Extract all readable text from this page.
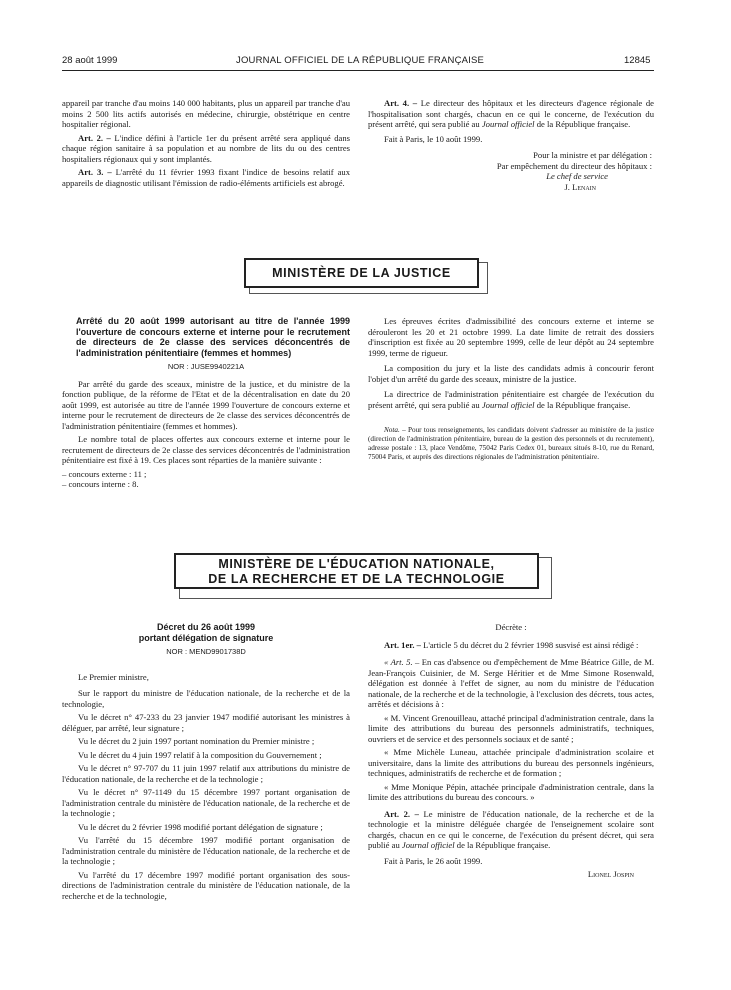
28 août 1999	JOURNAL OFFICIEL DE LA RÉPUBLIQUE FRANÇAISE	12845

appareil par tranche d'au moins 140 000 habitants, plus un appareil par tranche d'au moins 2 500 lits actifs autorisés en médecine, chirurgie, obstétrique en centre hospitalier régional.

Art. 2. – L'indice défini à l'article 1er du présent arrêté sera appliqué dans chaque région sanitaire à sa population et au nombre de lits du ou des centres hospitaliers régionaux qui y sont implantés.

Art. 3. – L'arrêté du 11 février 1993 fixant l'indice de besoins relatif aux appareils de diagnostic utilisant l'émission de radio-éléments artificiels est abrogé.

Art. 4. – Le directeur des hôpitaux et les directeurs d'agence régionale de l'hospitalisation sont chargés, chacun en ce qui le concerne, de l'exécution du présent arrêté, qui sera publié au Journal officiel de la République française.

Fait à Paris, le 10 août 1999.

Pour la ministre et par délégation :
Par empêchement du directeur des hôpitaux :
Le chef de service
J. Lenain
MINISTÈRE DE LA JUSTICE
Arrêté du 20 août 1999 autorisant au titre de l'année 1999 l'ouverture de concours externe et interne pour le recrutement de directeurs de 2e classe des services déconcentrés de l'administration pénitentiaire (femmes et hommes)
NOR : JUSE9940221A

Par arrêté du garde des sceaux, ministre de la justice, et du ministre de la fonction publique, de la réforme de l'Etat et de la décentralisation en date du 20 août 1999, est autorisée au titre de l'année 1999 l'ouverture de concours externe et interne pour le recrutement de directeurs de 2e classe des services déconcentrés de l'administration pénitentiaire (femmes et hommes).

Le nombre total de places offertes aux concours externe et interne pour le recrutement de directeurs de 2e classe des services déconcentrés de l'administration pénitentiaire est fixé à 19. Ces places sont réparties de la manière suivante :

– concours externe : 11 ;
– concours interne : 8.

Les épreuves écrites d'admissibilité des concours externe et interne se dérouleront les 20 et 21 octobre 1999. La date limite de retrait des dossiers d'inscription est fixée au 20 septembre 1999, celle de leur dépôt au 24 septembre 1999, terme de rigueur.

La composition du jury et la liste des candidats admis à concourir feront l'objet d'un arrêté du garde des sceaux, ministre de la justice.

La directrice de l'administration pénitentiaire est chargée de l'exécution du présent arrêté, qui sera publié au Journal officiel de la République française.

Nota. – Pour tous renseignements, les candidats doivent s'adresser au ministère de la justice (direction de l'administration pénitentiaire, bureau de la gestion des personnels et du recrutement), adresse postale : 13, place Vendôme, 75042 Paris Cedex 01, bureaux situés 8-10, rue du Renard, 75004 Paris, et auprès des directions régionales de l'administration pénitentiaire.

MINISTÈRE DE L'ÉDUCATION NATIONALE,
DE LA RECHERCHE ET DE LA TECHNOLOGIE
Décret du 26 août 1999
portant délégation de signature
NOR : MEND9901738D

Le Premier ministre,

Sur le rapport du ministre de l'éducation nationale, de la recherche et de la technologie,

Vu le décret n° 47-233 du 23 janvier 1947 modifié autorisant les ministres à déléguer, par arrêté, leur signature ;

Vu le décret du 2 juin 1997 portant nomination du Premier ministre ;

Vu le décret du 4 juin 1997 relatif à la composition du Gouvernement ;

Vu le décret n° 97-707 du 11 juin 1997 relatif aux attributions du ministre de l'éducation nationale, de la recherche et de la technologie ;

Vu le décret n° 97-1149 du 15 décembre 1997 portant organisation de l'administration centrale du ministère de l'éducation nationale, de la recherche et de la technologie ;

Vu le décret du 2 février 1998 modifié portant délégation de signature ;

Vu l'arrêté du 15 décembre 1997 modifié portant organisation de l'administration centrale du ministère de l'éducation nationale, de la recherche et de la technologie ;

Vu l'arrêté du 17 décembre 1997 modifié portant organisation des sous-directions de l'administration centrale du ministère de l'éducation nationale, de la recherche et de la technologie,

Décrète :

Art. 1er. – L'article 5 du décret du 2 février 1998 susvisé est ainsi rédigé :

« Art. 5. – En cas d'absence ou d'empêchement de Mme Béatrice Gille, de M. Jean-François Cuisinier, de M. Serge Héritier et de Mme Simone Rosenwald, délégation est donnée à l'effet de signer, au nom du ministre de l'éducation nationale, de la recherche et de la technologie, à l'exclusion des décrets, tous actes, arrêtés et décisions à :

« M. Vincent Grenouilleau, attaché principal d'administration centrale, dans la limite des attributions du bureau des personnels administratifs, techniques, ouvriers et de service et des personnels sociaux et de santé ;

« Mme Michèle Luneau, attachée principale d'administration scolaire et universitaire, dans la limite des attributions du bureau des personnels ingénieurs, techniques, administratifs de recherche et de formation ;

« Mme Monique Pépin, attachée principale d'administration centrale, dans la limite des attributions du bureau des concours. »

Art. 2. – Le ministre de l'éducation nationale, de la recherche et de la technologie et la ministre déléguée chargée de l'enseignement scolaire sont chargés, chacun en ce qui le concerne, de l'exécution du présent décret, qui sera publié au Journal officiel de la République française.

Fait à Paris, le 26 août 1999.

Lionel Jospin
